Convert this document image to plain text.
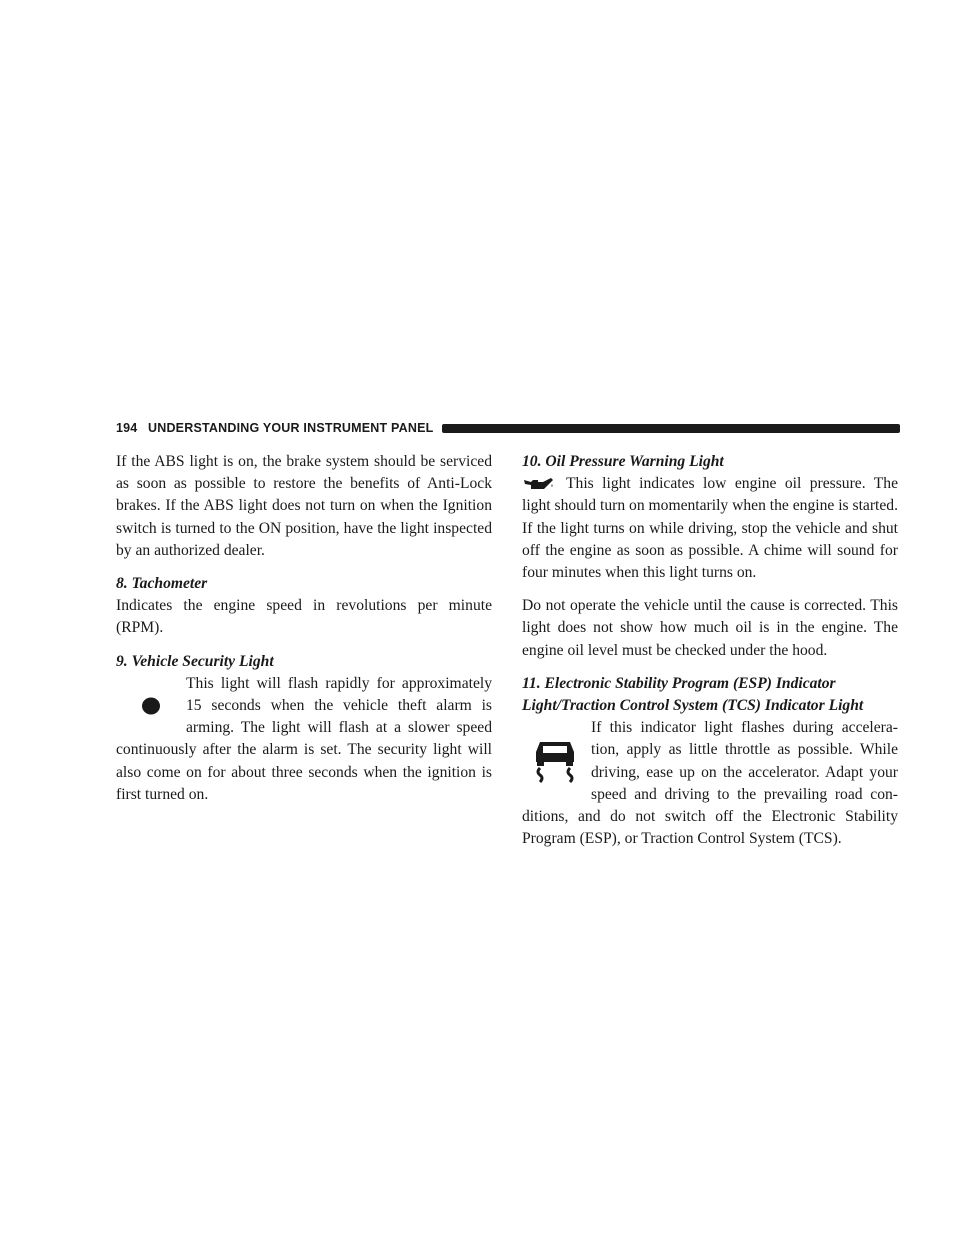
194 UNDERSTANDING YOUR INSTRUMENT PANEL

If the ABS light is on, the brake system should be serviced as soon as possible to restore the benefits of Anti-Lock brakes. If the ABS light does not turn on when the Ignition switch is turned to the ON position, have the light inspected by an authorized dealer.

8. Tachometer

Indicates the engine speed in revolutions per minute (RPM).

9. Vehicle Security Light

This light will flash rapidly for approximately 15 seconds when the vehicle theft alarm is arming. The light will flash at a slower speed continuously after the alarm is set. The security light will also come on for about three seconds when the ignition is first turned on.

10. Oil Pressure Warning Light

This light indicates low engine oil pressure. The light should turn on momentarily when the engine is started. If the light turns on while driving, stop the vehicle and shut off the engine as soon as possible. A chime will sound for four minutes when this light turns on.

Do not operate the vehicle until the cause is corrected. This light does not show how much oil is in the engine. The engine oil level must be checked under the hood.

11. Electronic Stability Program (ESP) Indicator

Light/Traction Control System (TCS) Indicator Light

If this indicator light flashes during accelera-tion, apply as little throttle as possible. While driving, ease up on the accelerator. Adapt your speed and driving to the prevailing road con-ditions, and do not switch off the Electronic Stability Program (ESP), or Traction Control System (TCS).
